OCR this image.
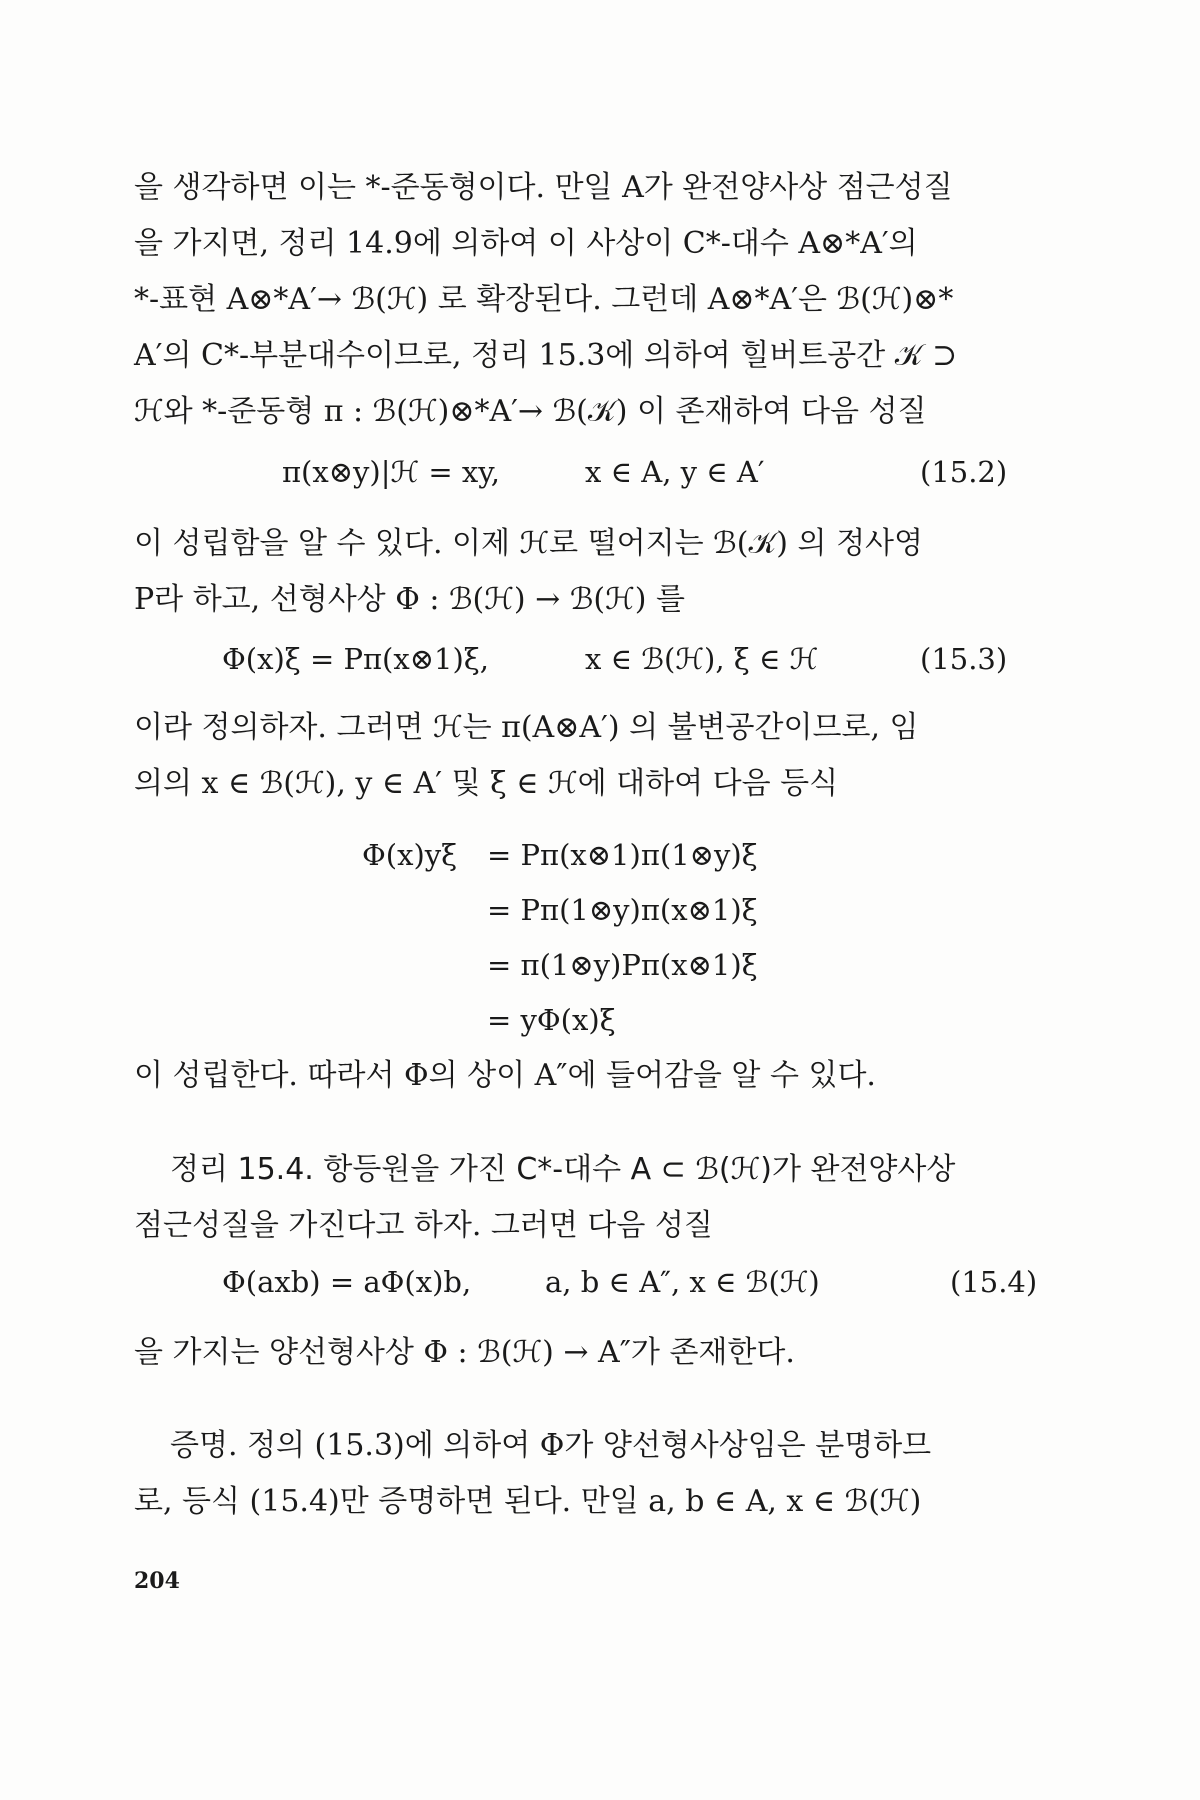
을 생각하면 이는 *-준동형이다. 만일 A가 완전양사상 점근성질
을 가지면, 정리 14.9에 의하여 이 사상이 C*-대수 A⊗*A′의
*-표현 A⊗*A′→ ℬ(ℋ) 로 확장된다. 그런데 A⊗*A′은 ℬ(ℋ)⊗*
A′의 C*-부분대수이므로, 정리 15.3에 의하여 힐버트공간 𝒦 ⊃
ℋ와 *-준동형 π : ℬ(ℋ)⊗*A′→ ℬ(𝒦) 이 존재하여 다음 성질
π(x⊗y)|ℋ = xy,	x ∈ A, y ∈ A′	(15.2)
이 성립함을 알 수 있다. 이제 ℋ로 떨어지는 ℬ(𝒦) 의 정사영
P라 하고, 선형사상 Φ : ℬ(ℋ) → ℬ(ℋ) 를
Φ(x)ξ = Pπ(x⊗1)ξ,	x ∈ ℬ(ℋ), ξ ∈ ℋ	(15.3)
이라 정의하자. 그러면 ℋ는 π(A⊗A′) 의 불변공간이므로, 임
의의 x ∈ ℬ(ℋ), y ∈ A′ 및 ξ ∈ ℋ에 대하여 다음 등식
Φ(x)yξ = Pπ(x⊗1)π(1⊗y)ξ
= Pπ(1⊗y)π(x⊗1)ξ
= π(1⊗y)Pπ(x⊗1)ξ
= yΦ(x)ξ
이 성립한다. 따라서 Φ의 상이 A″에 들어감을 알 수 있다.
정리 15.4. 항등원을 가진 C*-대수 A ⊂ ℬ(ℋ)가 완전양사상
점근성질을 가진다고 하자. 그러면 다음 성질
Φ(axb) = aΦ(x)b,	a, b ∈ A″, x ∈ ℬ(ℋ)	(15.4)
을 가지는 양선형사상 Φ : ℬ(ℋ) → A″가 존재한다.
증명. 정의 (15.3)에 의하여 Φ가 양선형사상임은 분명하므
로, 등식 (15.4)만 증명하면 된다. 만일 a, b ∈ A, x ∈ ℬ(ℋ)
204
